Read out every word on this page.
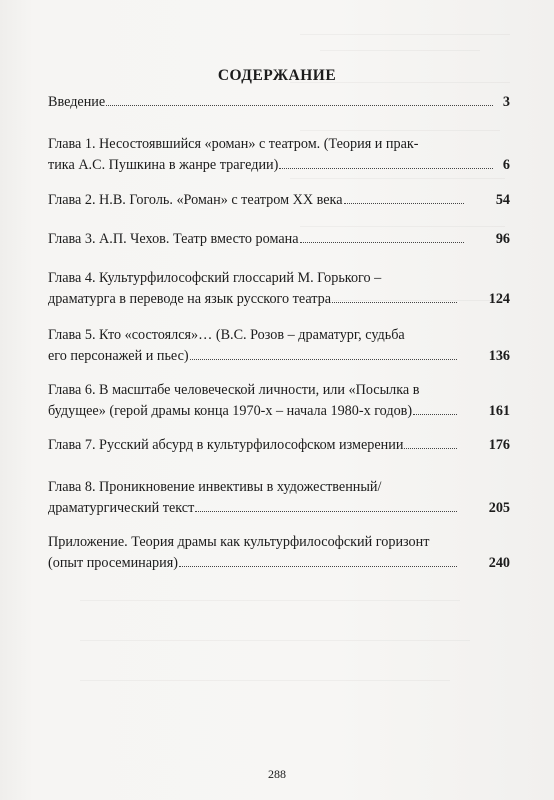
СОДЕРЖАНИЕ
Введение	3
Глава 1. Несостоявшийся «роман» с театром. (Теория и прак-
тика А.С. Пушкина в жанре трагедии)	6
Глава 2. Н.В. Гоголь. «Роман» с театром XX века	54
Глава 3. А.П. Чехов. Театр вместо романа	96
Глава 4. Культурфилософский глоссарий М. Горького –
драматурга в переводе на язык русского театра	124
Глава 5. Кто «состоялся»… (В.С. Розов – драматург, судьба
его персонажей и пьес)	136
Глава 6. В масштабе человеческой личности, или «Посылка в
будущее» (герой драмы конца 1970-х – начала 1980-х годов)	161
Глава 7. Русский абсурд в культурфилософском измерении	176
Глава 8. Проникновение инвективы в художественный/
драматургический текст	205
Приложение. Теория драмы как культурфилософский горизонт
(опыт просеминария)	240
288
